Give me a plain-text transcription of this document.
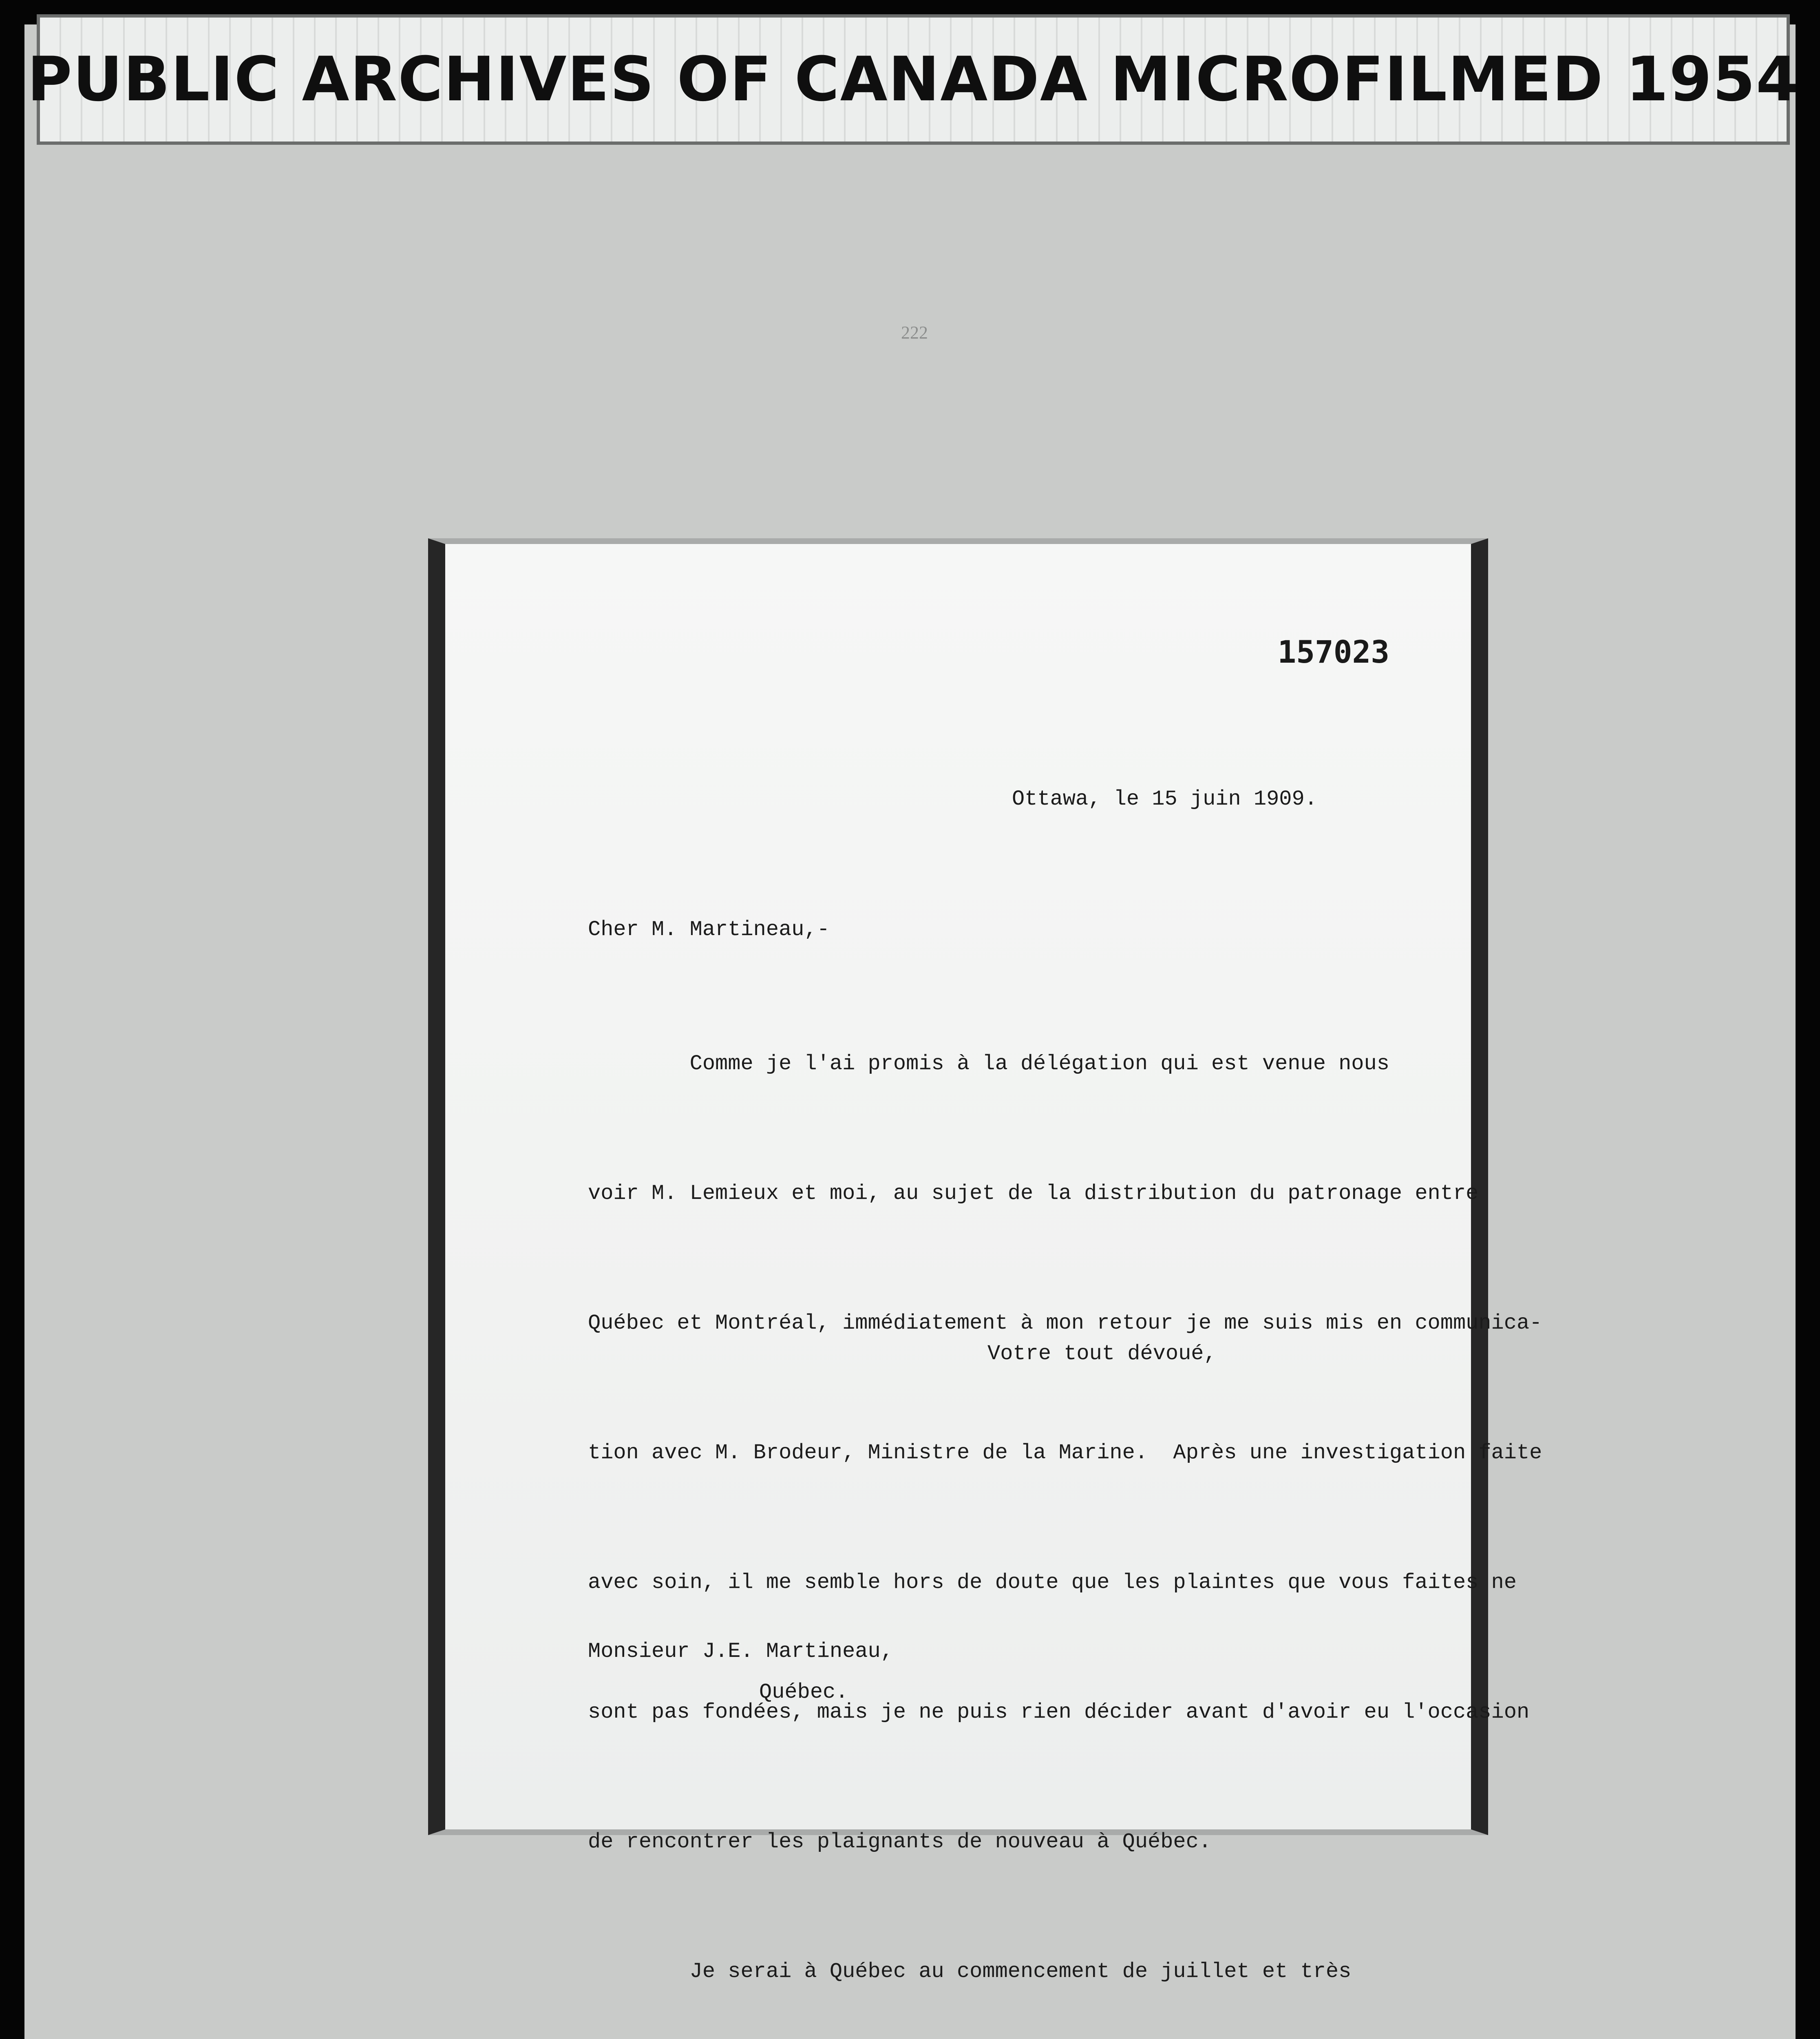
PUBLIC ARCHIVES OF CANADA MICROFILMED 1954
222
157023
Ottawa, le 15 juin 1909.
Cher M. Martineau,-

Comme je l'ai promis à la délégation qui est venue nous

voir M. Lemieux et moi, au sujet de la distribution du patronage entre

Québec et Montréal, immédiatement à mon retour je me suis mis en communica-

tion avec M. Brodeur, Ministre de la Marine.  Après une investigation faite

avec soin, il me semble hors de doute que les plaintes que vous faites ne

sont pas fondées, mais je ne puis rien décider avant d'avoir eu l'occasion

de rencontrer les plaignants de nouveau à Québec.

Je serai à Québec au commencement de juillet et très

Votre tout dévoué,
Monsieur J.E. Martineau,
Québec.
